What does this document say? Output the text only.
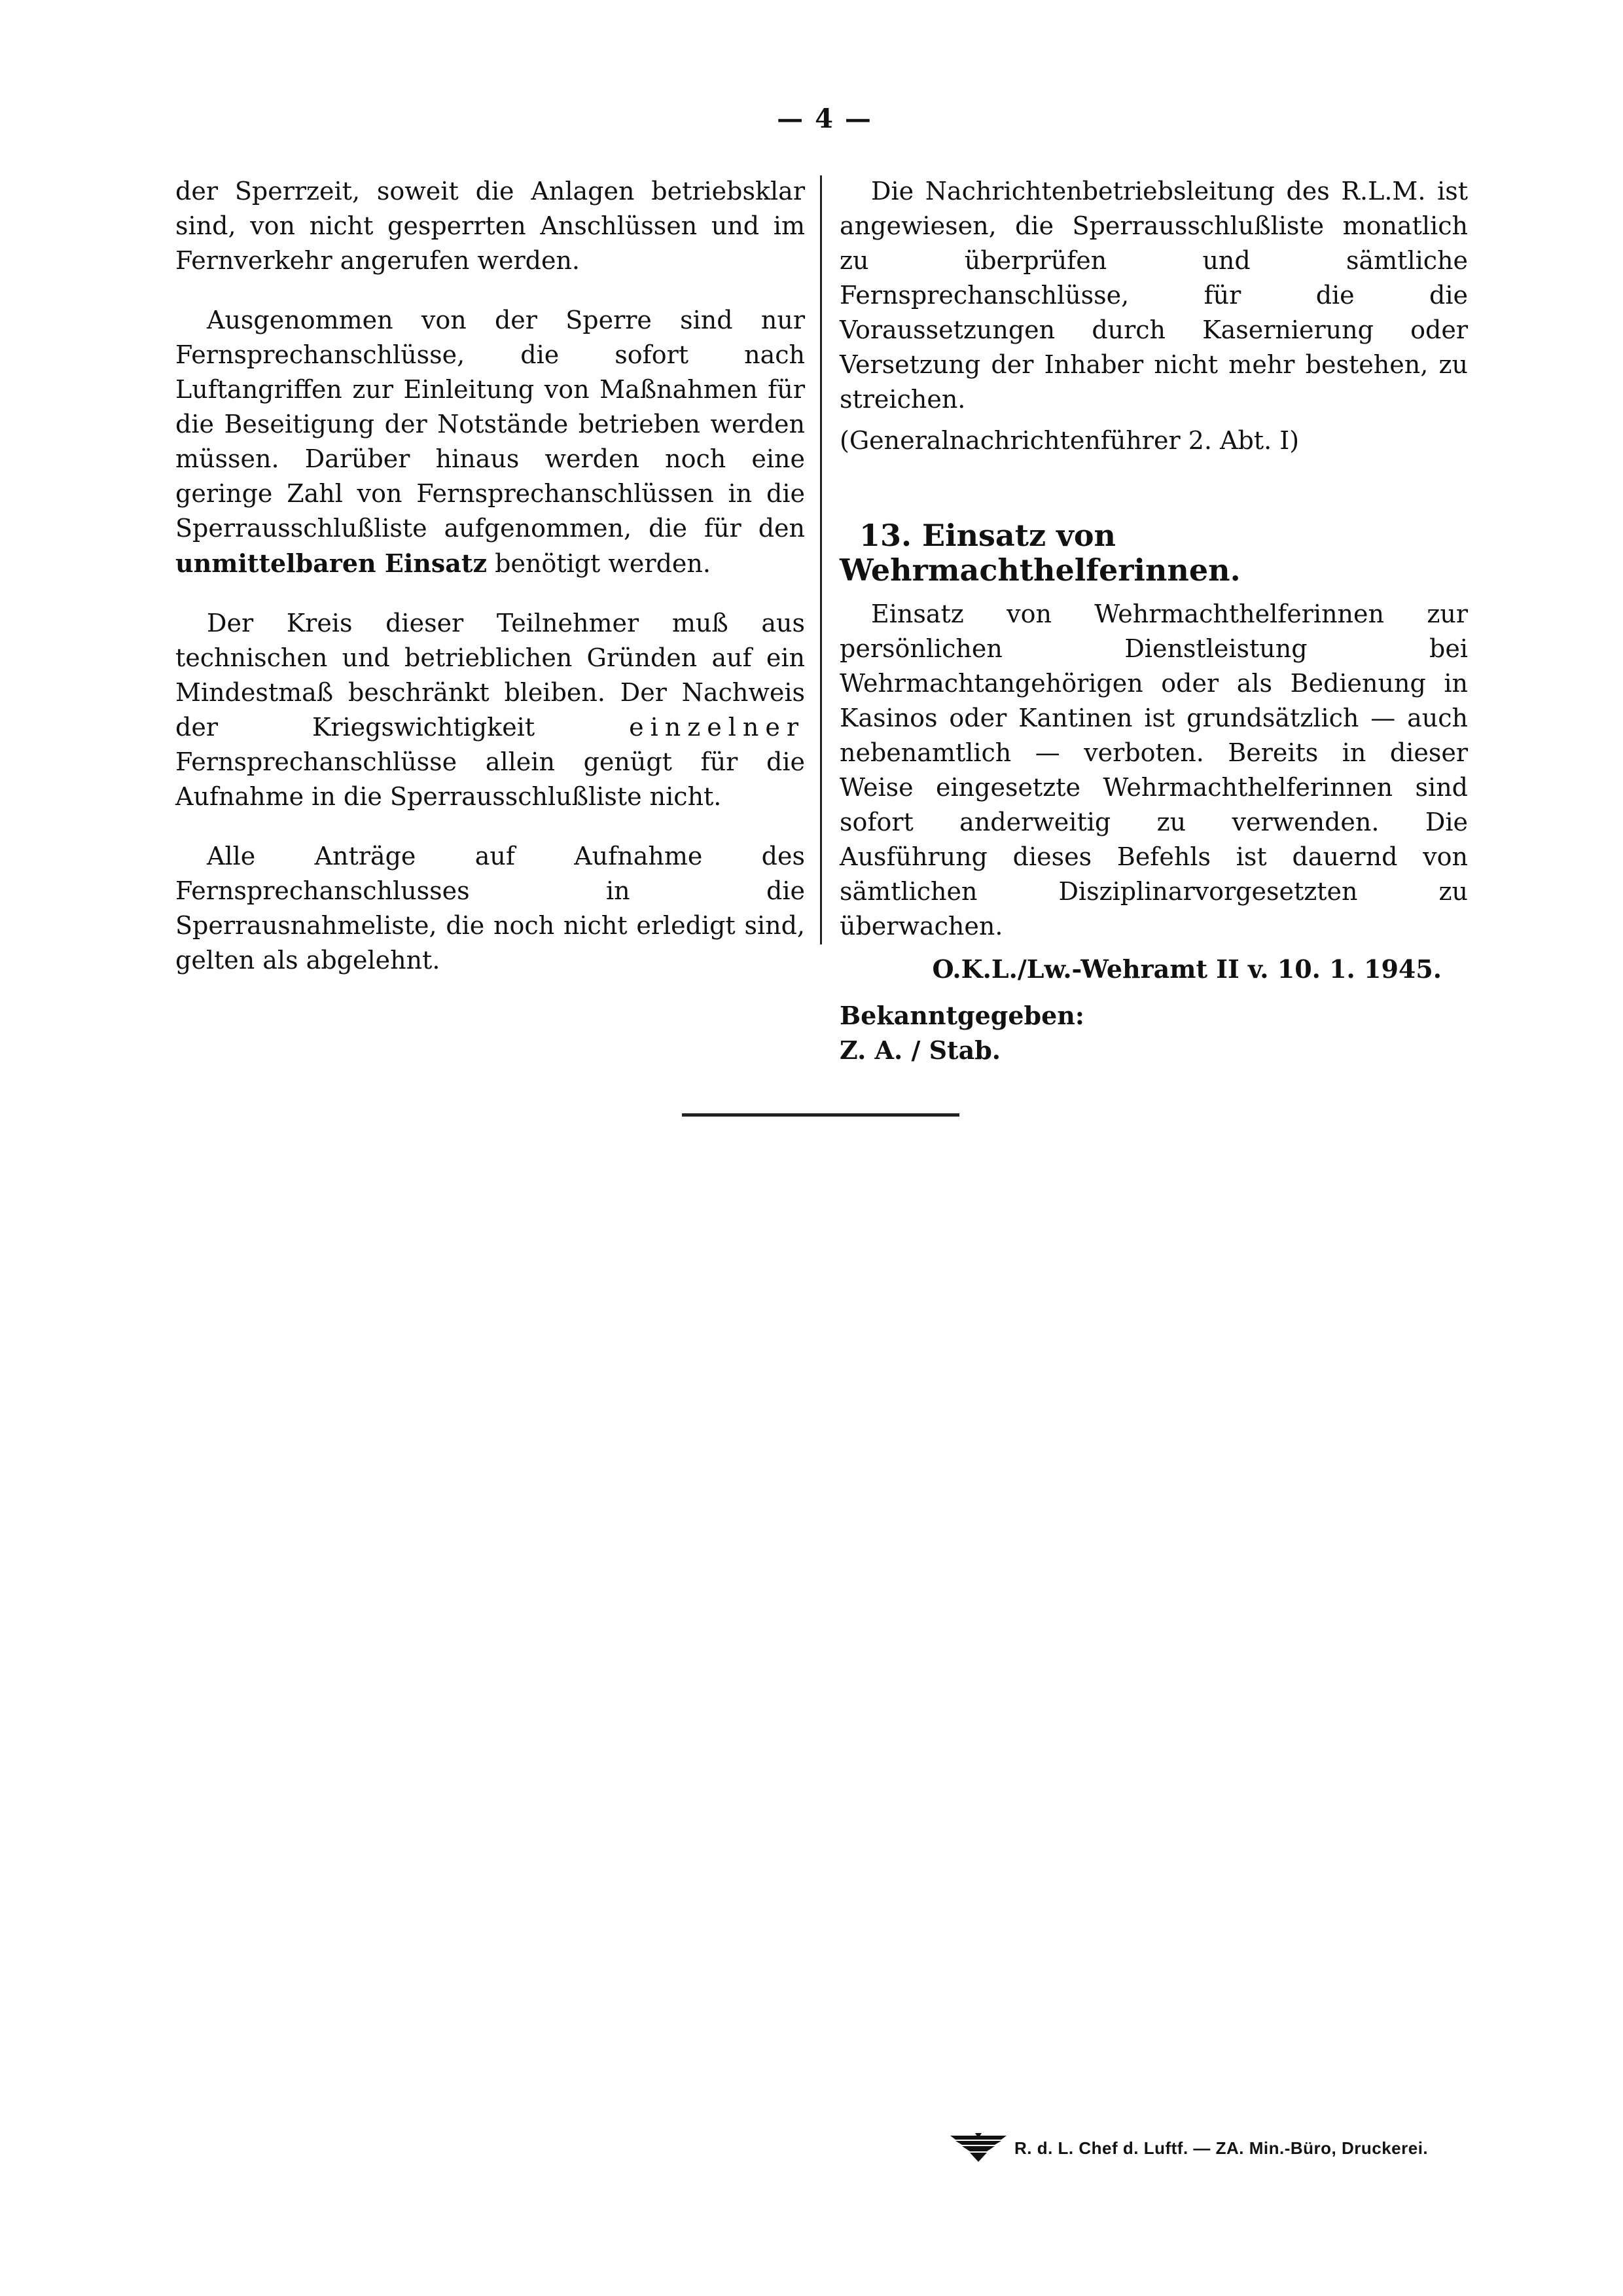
— 4 —

der Sperrzeit, soweit die Anlagen betriebsklar sind, von nicht gesperrten Anschlüssen und im Fernverkehr angerufen werden.

Ausgenommen von der Sperre sind nur Fernsprechanschlüsse, die sofort nach Luftangriffen zur Einleitung von Maßnahmen für die Beseitigung der Notstände betrieben werden müssen. Darüber hinaus werden noch eine geringe Zahl von Fernsprechanschlüssen in die Sperrausschlußliste aufgenommen, die für den unmittelbaren Einsatz benötigt werden.

Der Kreis dieser Teilnehmer muß aus technischen und betrieblichen Gründen auf ein Mindestmaß beschränkt bleiben. Der Nachweis der Kriegswichtigkeit	einzelner Fernsprechanschlüsse allein genügt für die Aufnahme in die Sperrausschlußliste nicht.

Alle Anträge auf Aufnahme des Fernsprechanschlusses in die Sperrausnahmeliste, die noch nicht erledigt sind, gelten als abgelehnt.

Die Nachrichtenbetriebsleitung des R.L.M. ist angewiesen, die Sperrausschlußliste monatlich zu überprüfen und sämtliche Fernsprechanschlüsse, für die die Voraussetzungen durch Kasernierung oder Versetzung der Inhaber nicht mehr bestehen, zu streichen.

(Generalnachrichtenführer 2. Abt. I)

13. Einsatz von Wehrmachthelferinnen.

Einsatz von Wehrmachthelferinnen zur persönlichen Dienstleistung bei Wehrmachtangehörigen oder als Bedienung in Kasinos oder Kantinen ist grundsätzlich — auch nebenamtlich — verboten. Bereits in dieser Weise eingesetzte Wehrmachthelferinnen sind sofort anderweitig zu verwenden. Die Ausführung dieses Befehls ist dauernd von sämtlichen Disziplinarvorgesetzten zu überwachen.

O.K.L./Lw.-Wehramt II v. 10. 1. 1945.

Bekanntgegeben:
Z. A. / Stab.

R. d. L. Chef d. Luftf. — ZA. Min.-Büro, Druckerei.
